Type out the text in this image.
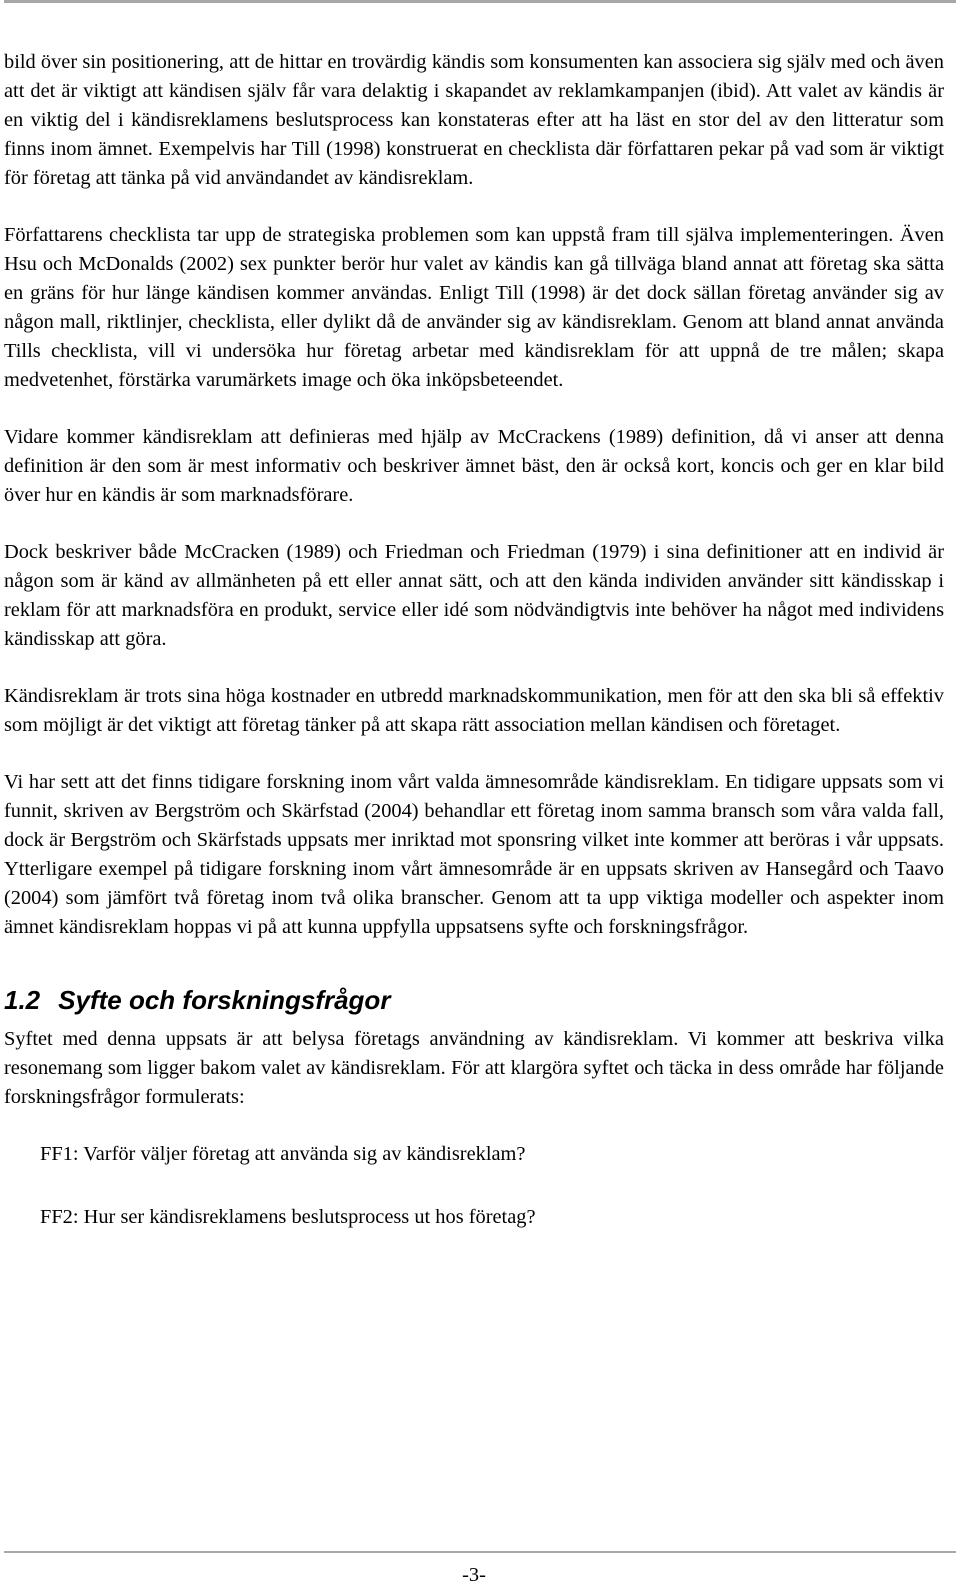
bild över sin positionering, att de hittar en trovärdig kändis som konsumenten kan associera sig själv med och även att det är viktigt att kändisen själv får vara delaktig i skapandet av reklamkampanjen (ibid). Att valet av kändis är en viktig del i kändisreklamens beslutsprocess kan konstateras efter att ha läst en stor del av den litteratur som finns inom ämnet. Exempelvis har Till (1998) konstruerat en checklista där författaren pekar på vad som är viktigt för företag att tänka på vid användandet av kändisreklam.

Författarens checklista tar upp de strategiska problemen som kan uppstå fram till själva implementeringen. Även Hsu och McDonalds (2002) sex punkter berör hur valet av kändis kan gå tillväga bland annat att företag ska sätta en gräns för hur länge kändisen kommer användas. Enligt Till (1998) är det dock sällan företag använder sig av någon mall, riktlinjer, checklista, eller dylikt då de använder sig av kändisreklam. Genom att bland annat använda Tills checklista, vill vi undersöka hur företag arbetar med kändisreklam för att uppnå de tre målen; skapa medvetenhet, förstärka varumärkets image och öka inköpsbeteendet.

Vidare kommer kändisreklam att definieras med hjälp av McCrackens (1989) definition, då vi anser att denna definition är den som är mest informativ och beskriver ämnet bäst, den är också kort, koncis och ger en klar bild över hur en kändis är som marknadsförare.

Dock beskriver både McCracken (1989) och Friedman och Friedman (1979) i sina definitioner att en individ är någon som är känd av allmänheten på ett eller annat sätt, och att den kända individen använder sitt kändisskap i reklam för att marknadsföra en produkt, service eller idé som nödvändigtvis inte behöver ha något med individens kändisskap att göra.

Kändisreklam är trots sina höga kostnader en utbredd marknadskommunikation, men för att den ska bli så effektiv som möjligt är det viktigt att företag tänker på att skapa rätt association mellan kändisen och företaget.

Vi har sett att det finns tidigare forskning inom vårt valda ämnesområde kändisreklam. En tidigare uppsats som vi funnit, skriven av Bergström och Skärfstad (2004) behandlar ett företag inom samma bransch som våra valda fall, dock är Bergström och Skärfstads uppsats mer inriktad mot sponsring vilket inte kommer att beröras i vår uppsats. Ytterligare exempel på tidigare forskning inom vårt ämnesområde är en uppsats skriven av Hansegård och Taavo (2004) som jämfört två företag inom två olika branscher. Genom att ta upp viktiga modeller och aspekter inom ämnet kändisreklam hoppas vi på att kunna uppfylla uppsatsens syfte och forskningsfrågor.

1.2 Syfte och forskningsfrågor

Syftet med denna uppsats är att belysa företags användning av kändisreklam. Vi kommer att beskriva vilka resonemang som ligger bakom valet av kändisreklam. För att klargöra syftet och täcka in dess område har följande forskningsfrågor formulerats:

FF1: Varför väljer företag att använda sig av kändisreklam?

FF2: Hur ser kändisreklamens beslutsprocess ut hos företag?

-3-
